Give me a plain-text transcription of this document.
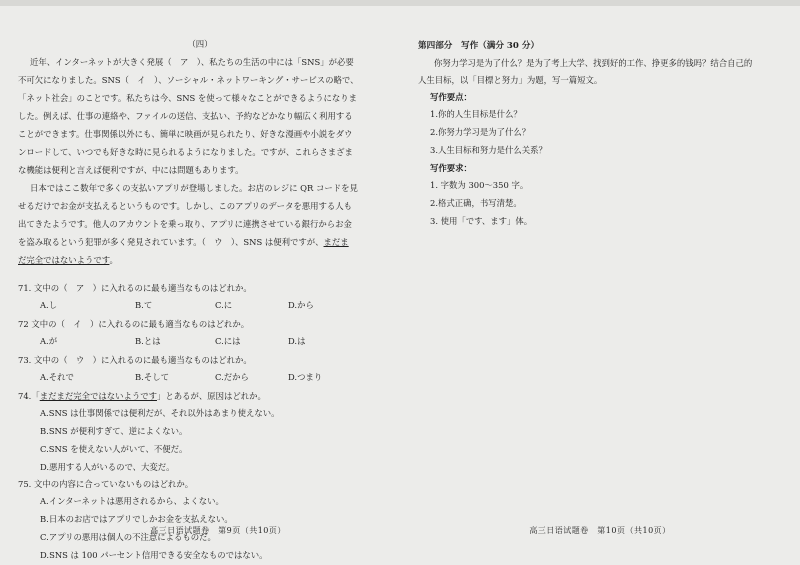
（四）
近年、インターネットが大きく発展（　ア　）、私たちの生活の中には「SNS」が必要
不可欠になりました。SNS（　イ　）、ソーシャル・ネットワーキング・サービスの略で、
「ネット社会」のことです。私たちは今、SNS を使って様々なことができるようになりま
した。例えば、仕事の連絡や、ファイルの送信、支払い、予約などかなり幅広く利用する
ことができます。仕事関係以外にも、簡単に映画が見られたり、好きな漫画や小説をダウ
ンロードして、いつでも好きな時に見られるようになりました。ですが、これらさまざま
な機能は便利と言えば便利ですが、中には問題もあります。
日本ではここ数年で多くの支払いアプリが登場しました。お店のレジに QR コードを見
せるだけでお金が支払えるというものです。しかし、このアプリのデータを悪用する人も
出てきたようです。他人のアカウントを乗っ取り、アプリに連携させている銀行からお金
を盗み取るという犯罪が多く発見されています。（　ウ　）、SNS は便利ですが、まだま
だ完全ではないようです。
71. 文中の（　ア　）に入れるのに最も適当なものはどれか。
A.し	B.て	C.に	D.から
72 文中の（　イ　）に入れるのに最も適当なものはどれか。
A.が	B.とは	C.には	D.は
73. 文中の（　ウ　）に入れるのに最も適当なものはどれか。
A.それで	B.そして	C.だから	D.つまり
74.「まだまだ完全ではないようです」とあるが、原因はどれか。
A.SNS は仕事関係では便利だが、それ以外はあまり使えない。
B.SNS が便利すぎて、逆によくない。
C.SNS を使えない人がいて、不便だ。
D.悪用する人がいるので、大変だ。
75. 文中の内容に合っていないものはどれか。
A.インターネットは悪用されるから、よくない。
B.日本のお店ではアプリでしかお金を支払えない。
C.アプリの悪用は個人の不注意によるものだ。
D.SNS は 100 パーセント信用できる安全なものではない。
高三日语试题卷　第9页（共10页）
第四部分　写作（满分 30 分）
你努力学习是为了什么？是为了考上大学、找到好的工作、挣更多的钱吗？结合自己的
人生目标，以「目標と努力」为题，写一篇短文。
写作要点：
1.你的人生目标是什么？
2.你努力学习是为了什么？
3.人生目标和努力是什么关系？
写作要求：
1. 字数为 300～350 字。
2.格式正确，书写清楚。
3. 使用「です、ます」体。
高三日语试题卷　第10页（共10页）
